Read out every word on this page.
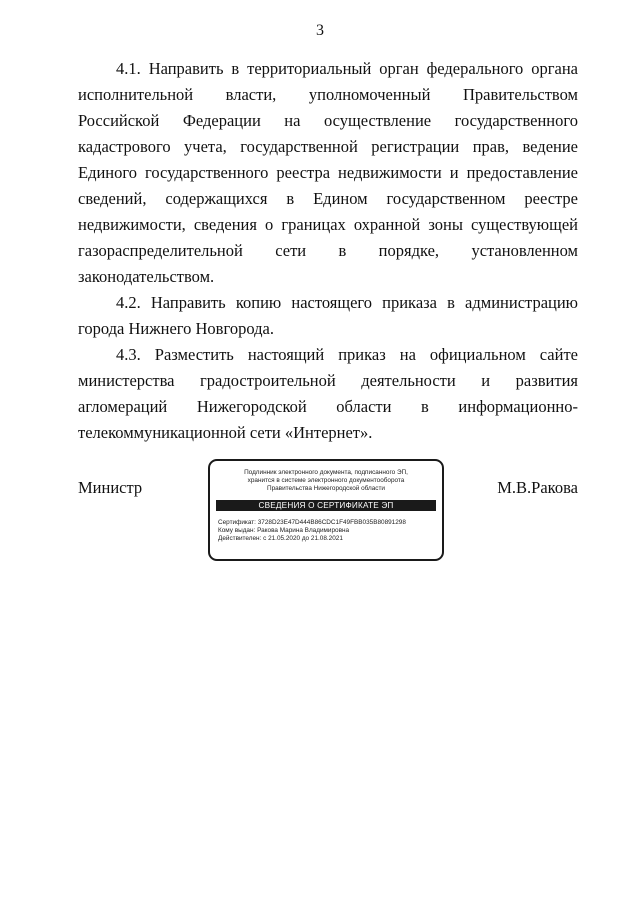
3

4.1. Направить в территориальный орган федерального органа исполнительной власти, уполномоченный Правительством Российской Федерации на осуществление государственного кадастрового учета, государственной регистрации прав, ведение Единого государственного реестра недвижимости и предоставление сведений, содержащихся в Едином государственном реестре недвижимости, сведения о границах охранной зоны существующей газораспределительной сети в порядке, установленном законодательством.

4.2. Направить копию настоящего приказа в администрацию города Нижнего Новгорода.

4.3. Разместить настоящий приказ на официальном сайте министерства градостроительной деятельности и развития агломераций Нижегородской области в информационно-телекоммуникационной сети «Интернет».

Министр
Подлинник электронного документа, подписанного ЭП,
хранится в системе электронного документооборота
Правительства Нижегородской области
СВЕДЕНИЯ О СЕРТИФИКАТЕ ЭП
Сертификат: 3728D23E47D444B86CDC1F49FBB035B80891298
Кому выдан: Ракова Марина Владимировна
Действителен: с 21.05.2020 до 21.08.2021
М.В.Ракова
